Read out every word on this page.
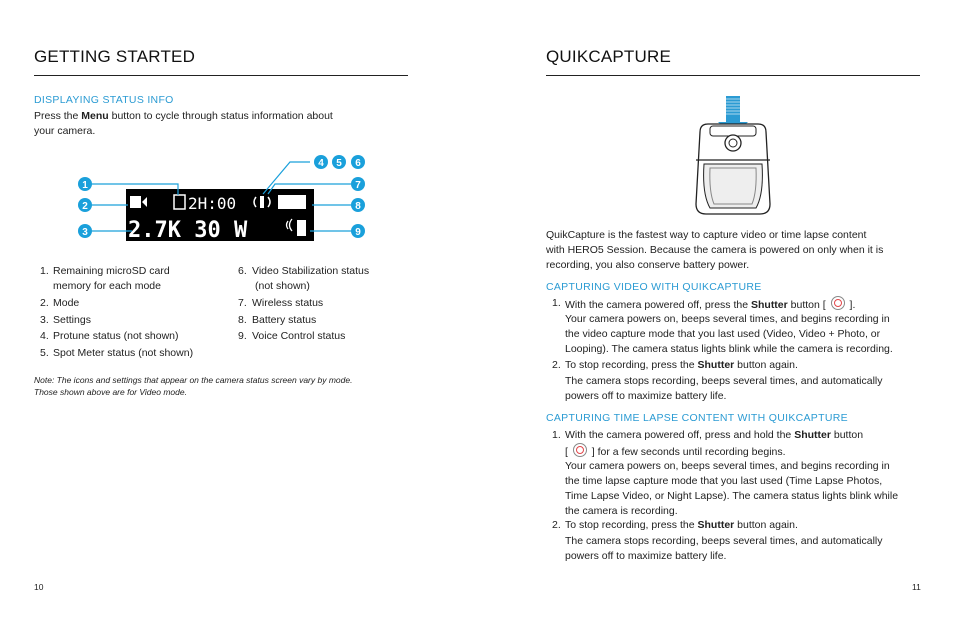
GETTING STARTED
DISPLAYING STATUS INFO
Press the Menu button to cycle through status information about
your camera.
2H:00
2.7K 30 W
1
2
3
4 5 6
7
8
9
1. Remaining microSD card
memory for each mode
2. Mode
3. Settings
4. Protune status (not shown)
5. Spot Meter status (not shown)
6. Video Stabilization status
(not shown)
7. Wireless status
8. Battery status
9. Voice Control status
Note: The icons and settings that appear on the camera status screen vary by mode.
Those shown above are for Video mode.
10
QUIKCAPTURE
QuikCapture is the fastest way to capture video or time lapse content
with HERO5 Session. Because the camera is powered on only when it is
recording, you also conserve battery power.
CAPTURING VIDEO WITH QUIKCAPTURE
1. With the camera powered off, press the Shutter button [  ].
Your camera powers on, beeps several times, and begins recording in
the video capture mode that you last used (Video, Video + Photo, or
Looping). The camera status lights blink while the camera is recording.
2. To stop recording, press the Shutter button again.
The camera stops recording, beeps several times, and automatically
powers off to maximize battery life.
CAPTURING TIME LAPSE CONTENT WITH QUIKCAPTURE
1. With the camera powered off, press and hold the Shutter button
[  ] for a few seconds until recording begins.
Your camera powers on, beeps several times, and begins recording in
the time lapse capture mode that you last used (Time Lapse Photos,
Time Lapse Video, or Night Lapse). The camera status lights blink while
the camera is recording.
2. To stop recording, press the Shutter button again.
The camera stops recording, beeps several times, and automatically
powers off to maximize battery life.
11
